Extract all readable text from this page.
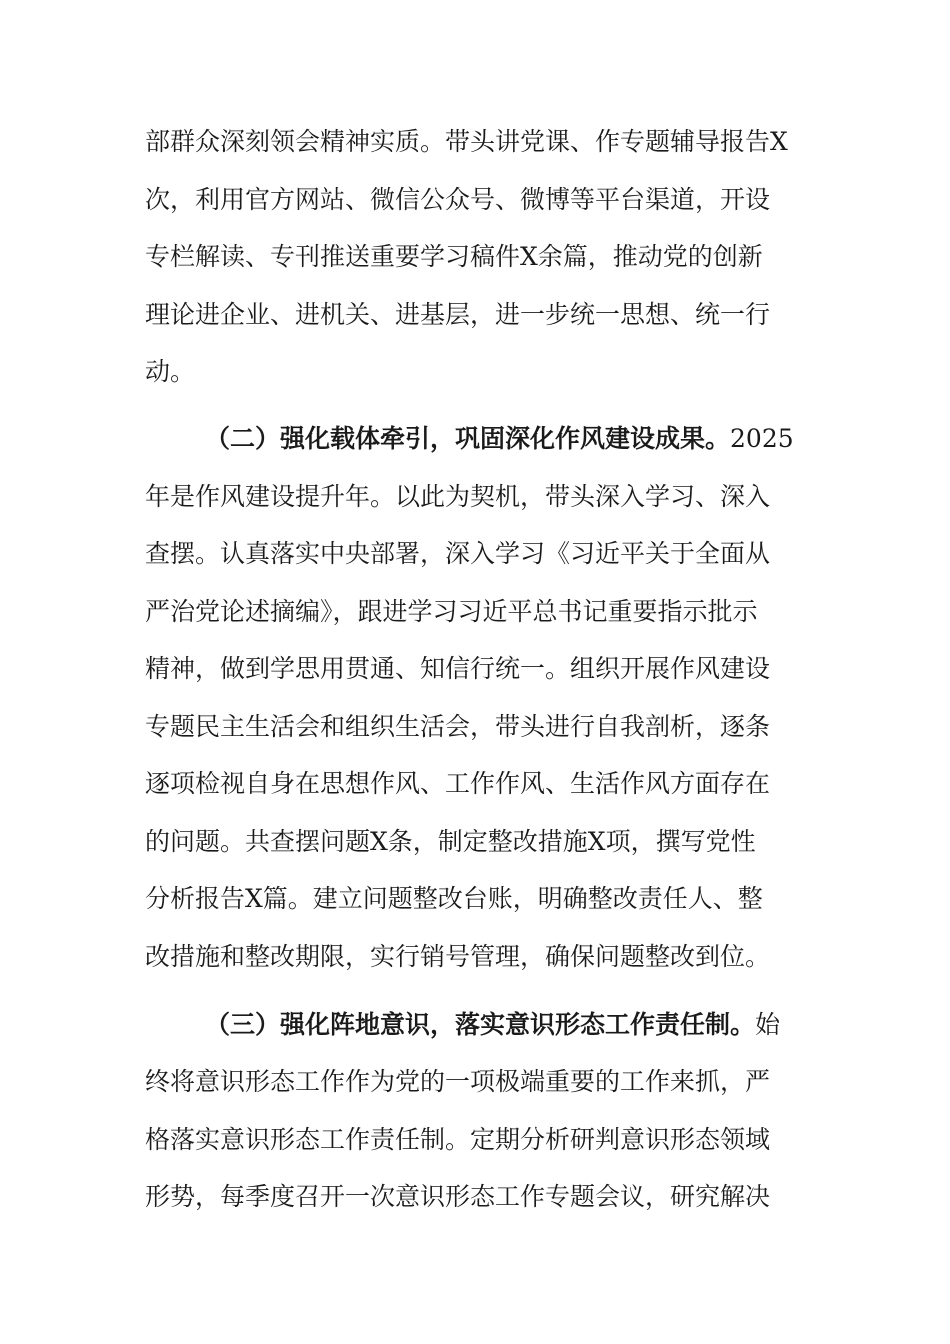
部群众深刻领会精神实质。带头讲党课、作专题辅导报告X
次，利用官方网站、微信公众号、微博等平台渠道，开设
专栏解读、专刊推送重要学习稿件X余篇，推动党的创新
理论进企业、进机关、进基层，进一步统一思想、统一行
动。
（二）强化载体牵引，巩固深化作风建设成果。2025
年是作风建设提升年。以此为契机，带头深入学习、深入
查摆。认真落实中央部署，深入学习《习近平关于全面从
严治党论述摘编》，跟进学习习近平总书记重要指示批示
精神，做到学思用贯通、知信行统一。组织开展作风建设
专题民主生活会和组织生活会，带头进行自我剖析，逐条
逐项检视自身在思想作风、工作作风、生活作风方面存在
的问题。共查摆问题X条，制定整改措施X项，撰写党性
分析报告X篇。建立问题整改台账，明确整改责任人、整
改措施和整改期限，实行销号管理，确保问题整改到位。
（三）强化阵地意识，落实意识形态工作责任制。始
终将意识形态工作作为党的一项极端重要的工作来抓，严
格落实意识形态工作责任制。定期分析研判意识形态领域
形势，每季度召开一次意识形态工作专题会议，研究解决
